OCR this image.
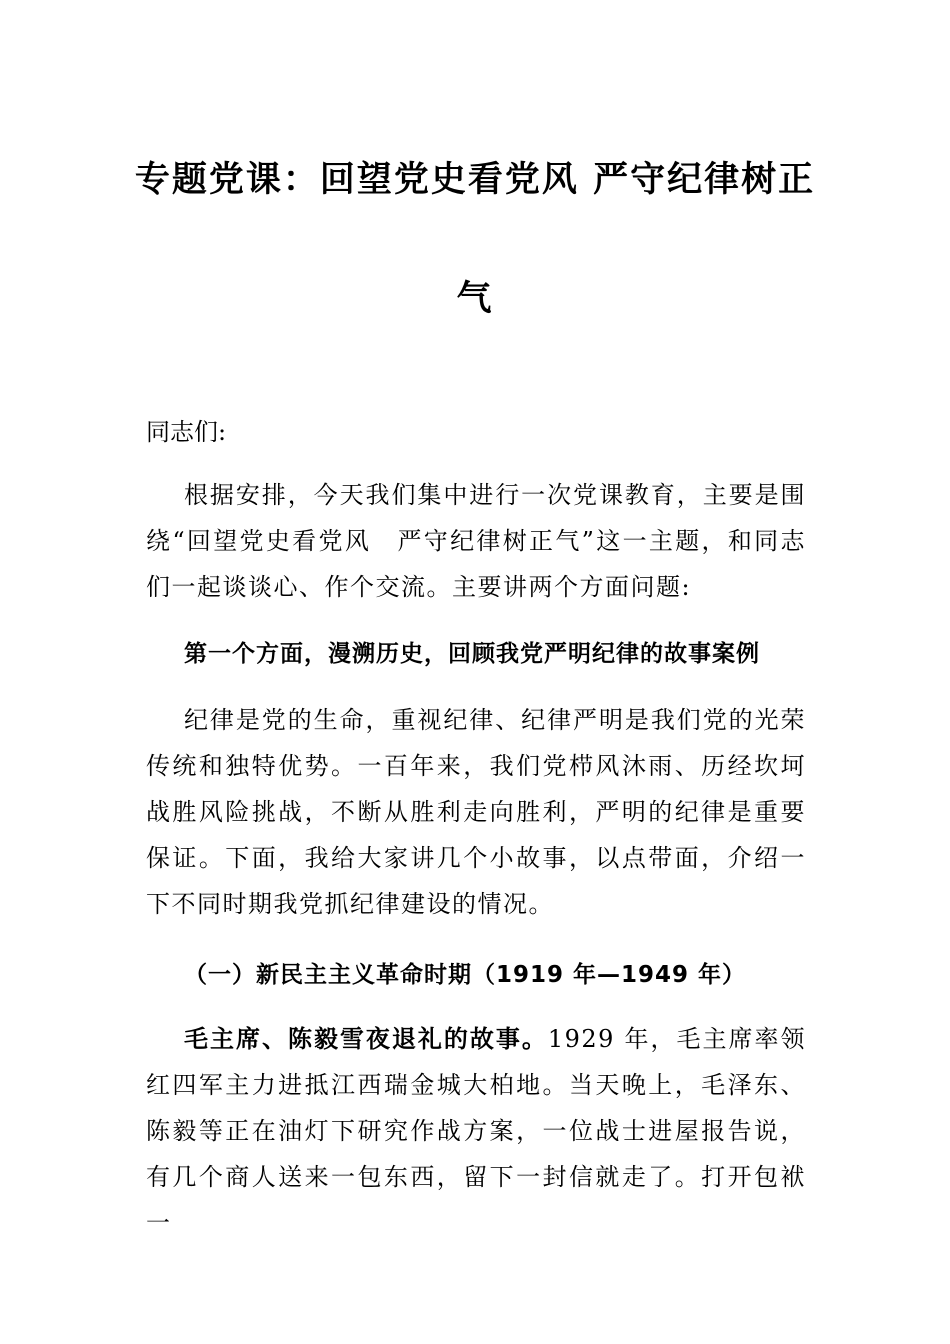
专题党课：回望党史看党风 严守纪律树正
气
同志们:
根据安排，今天我们集中进行一次党课教育，主要是围绕“回望党史看党风　严守纪律树正气”这一主题，和同志们一起谈谈心、作个交流。主要讲两个方面问题:
第一个方面，漫溯历史，回顾我党严明纪律的故事案例
纪律是党的生命，重视纪律、纪律严明是我们党的光荣传统和独特优势。一百年来，我们党栉风沐雨、历经坎坷战胜风险挑战，不断从胜利走向胜利，严明的纪律是重要保证。下面，我给大家讲几个小故事，以点带面，介绍一下不同时期我党抓纪律建设的情况。
（一）新民主主义革命时期（1919 年—1949 年）
毛主席、陈毅雪夜退礼的故事。1929 年，毛主席率领红四军主力进抵江西瑞金城大柏地。当天晚上，毛泽东、陈毅等正在油灯下研究作战方案，一位战士进屋报告说，有几个商人送来一包东西，留下一封信就走了。打开包袱一
